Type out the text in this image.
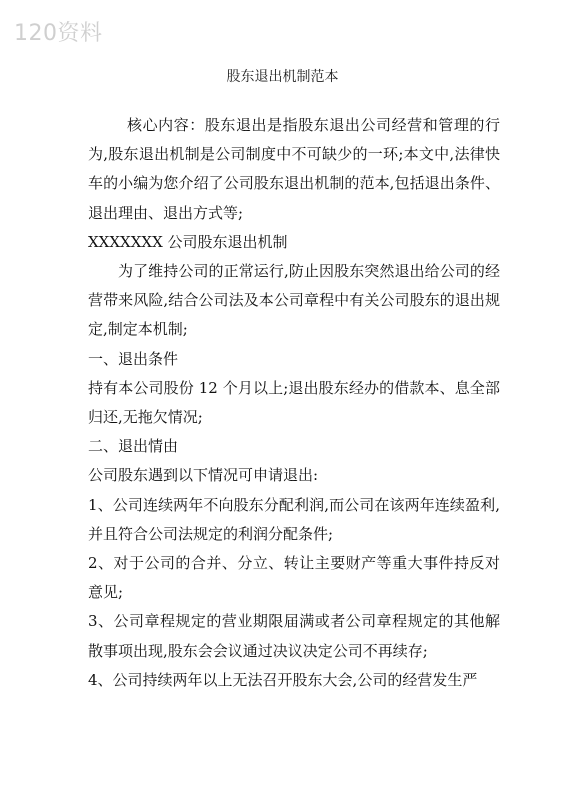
120资料
股东退出机制范本

核心内容：股东退出是指股东退出公司经营和管理的行为,股东退出机制是公司制度中不可缺少的一环;本文中,法律快车的小编为您介绍了公司股东退出机制的范本,包括退出条件、退出理由、退出方式等;

XXXXXXX 公司股东退出机制

为了维持公司的正常运行,防止因股东突然退出给公司的经营带来风险,结合公司法及本公司章程中有关公司股东的退出规定,制定本机制;

一、退出条件

持有本公司股份 12 个月以上;退出股东经办的借款本、息全部归还,无拖欠情况;

二、退出情由

公司股东遇到以下情况可申请退出:

1、公司连续两年不向股东分配利润,而公司在该两年连续盈利,并且符合公司法规定的利润分配条件;

2、对于公司的合并、分立、转让主要财产等重大事件持反对意见;

3、公司章程规定的营业期限届满或者公司章程规定的其他解散事项出现,股东会会议通过决议决定公司不再续存;

4、公司持续两年以上无法召开股东大会,公司的经营发生严
